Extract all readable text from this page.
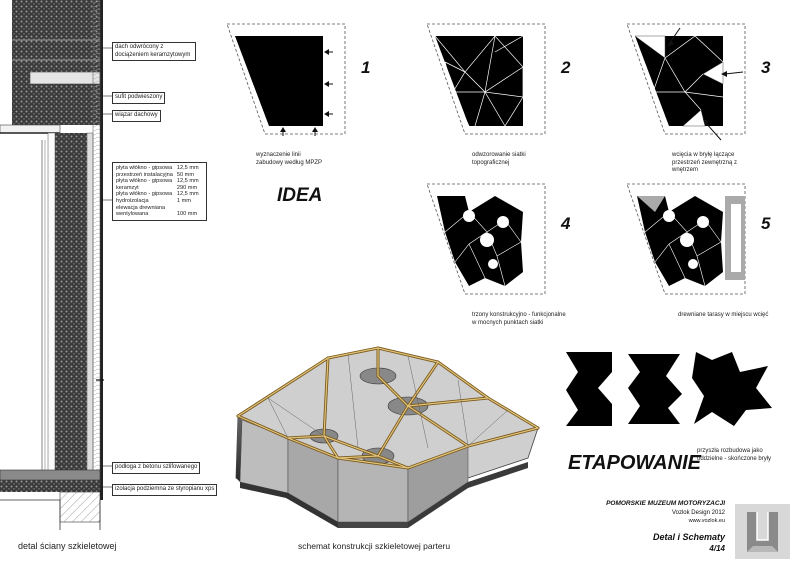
dach odwrócony z dociążeniem keramzytowym
sufit podwieszony
wiązar dachowy
płyta włókno - gipsowa	12,5 mm
przestrzeń instalacyjna	50 mm
płyta włókno - gipsowa	12,5 mm
keramzyt	290 mm
płyta włókno - gipsowa	12,5 mm
hydroizolacja	1 mm
elewacja drewniana	
wentylowana	100 mm
podłoga z betonu szlifowanego
izolacja podziemna ze styropianu xps
detal ściany szkieletowej
1
wyznaczenie linii zabudowy według MPZP
IDEA
2
odwzorowanie siatki topograficznej
3
wcięcia w bryłę łączące przestrzeń zewnętrzną z wnętrzem
4
trzony konstrukcyjno - funkcjonalne w mocnych punktach siatki
5
drewniane tarasy w miejscu wcięć
ETAPOWANIE
przyszła rozbudowa jako oddzielne - skończone bryły
schemat konstrukcji szkieletowej parteru
POMORSKIE MUZEUM MOTORYZACJI
Vozlok Design 2012
www.vozlok.eu
Detal i Schematy
4/14
